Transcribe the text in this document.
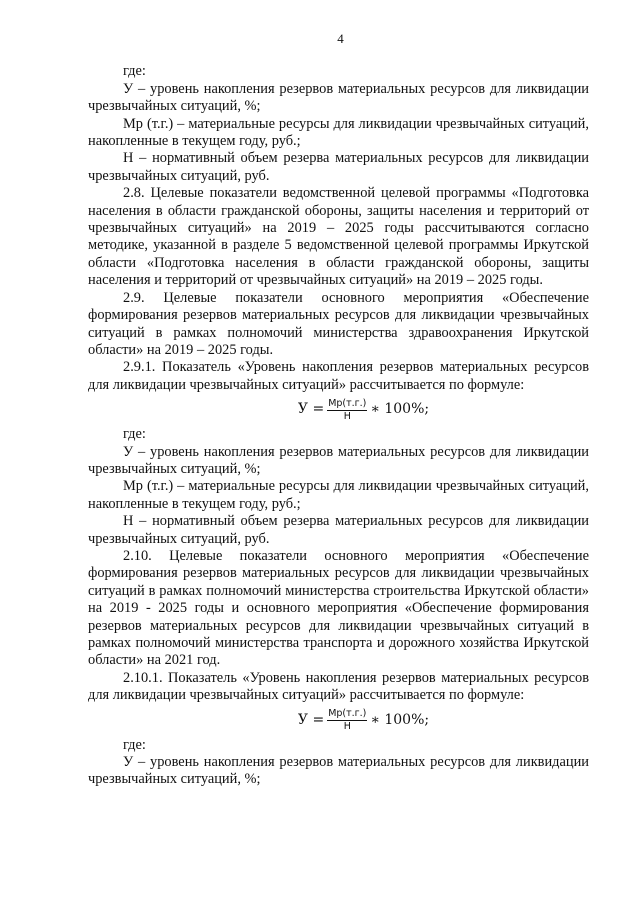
4

где:

У – уровень накопления резервов материальных ресурсов для ликвидации чрезвычайных ситуаций, %;

Мр (т.г.) – материальные ресурсы для ликвидации чрезвычайных ситуаций, накопленные в текущем году, руб.;

Н – нормативный объем резерва материальных ресурсов для ликвидации чрезвычайных ситуаций, руб.

2.8. Целевые показатели ведомственной целевой программы «Подготовка населения в области гражданской обороны, защиты населения и территорий от чрезвычайных ситуаций» на 2019 – 2025 годы рассчитываются согласно методике, указанной в разделе 5 ведомственной целевой программы Иркутской области «Подготовка населения в области гражданской обороны, защиты населения и территорий от чрезвычайных ситуаций» на 2019 – 2025 годы.

2.9. Целевые показатели основного мероприятия «Обеспечение формирования резервов материальных ресурсов для ликвидации чрезвычайных ситуаций в рамках полномочий министерства здравоохранения Иркутской области» на 2019 – 2025 годы.

2.9.1. Показатель «Уровень накопления резервов материальных ресурсов для ликвидации чрезвычайных ситуаций» рассчитывается по формуле:

$У = \frac{Мр(т.г.)}{Н}$ ∗ 100%;

где:

У – уровень накопления резервов материальных ресурсов для ликвидации чрезвычайных ситуаций, %;

Мр (т.г.) – материальные ресурсы для ликвидации чрезвычайных ситуаций, накопленные в текущем году, руб.;

Н – нормативный объем резерва материальных ресурсов для ликвидации чрезвычайных ситуаций, руб.

2.10. Целевые показатели основного мероприятия «Обеспечение формирования резервов материальных ресурсов для ликвидации чрезвычайных ситуаций в рамках полномочий министерства строительства Иркутской области» на 2019 - 2025 годы и основного мероприятия «Обеспечение формирования резервов материальных ресурсов для ликвидации чрезвычайных ситуаций в рамках полномочий министерства транспорта и дорожного хозяйства Иркутской области» на 2021 год.

2.10.1. Показатель «Уровень накопления резервов материальных ресурсов для ликвидации чрезвычайных ситуаций» рассчитывается по формуле:

$У = \frac{Мр(т.г.)}{Н}$ ∗ 100%;

где:

У – уровень накопления резервов материальных ресурсов для ликвидации чрезвычайных ситуаций, %;
